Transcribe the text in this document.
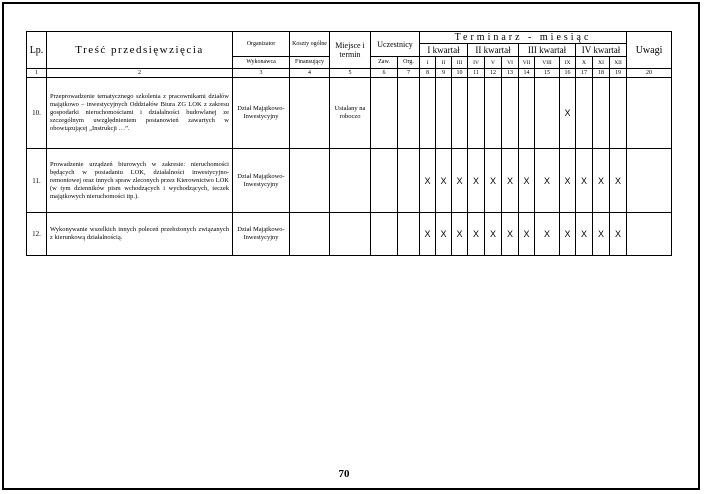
Lp.	Treść przedsięwzięcia	Organizator	Koszty ogólne	Miejsce i termin	Uczestnicy		Terminarz - miesiąc												Uwagi
							I kwartał			II kwartał			III kwartał			IV kwartał			
		Wykonawca	Finansujący		Zaw.	Org.	I	II	III	IV	V	VI	VII	VIII	IX	X	XI	XII	
1	2	3	4	5	6	7	8	9	10	11	12	13	14	15	16	17	18	19	20
10.	Przeprowadzenie tematycznego szkolenia z pracownikami działów majątkowo – inwestycyjnych Oddziałów Biura ZG LOK z zakresu gospodarki nieruchomościami i działalności budowlanej ze szczególnym uwzględnieniem postanowień zawartych w obowiązującej „Instrukcji …”.	Dział Majątkowo-Inwestycyjny		Ustalany na roboczo											X				
11.	Prowadzenie urządzeń biurowych w zakresie: nieruchomości będących w posiadaniu LOK, działalności inwestycyjno-remontowej oraz innych spraw zleconych przez Kierownictwo LOK (w tym dzienników pism wchodzących i wychodzących, teczek majątkowych nieruchomości itp.).	Dział Majątkowo-Inwestycyjny					X	X	X	X	X	X	X	X	X	X	X	X	
12.	Wykonywanie wszelkich innych poleceń przełożonych związanych z kierunkową działalnością.	Dział Majątkowo-Inwestycyjny					X	X	X	X	X	X	X	X	X	X	X	X	
70
